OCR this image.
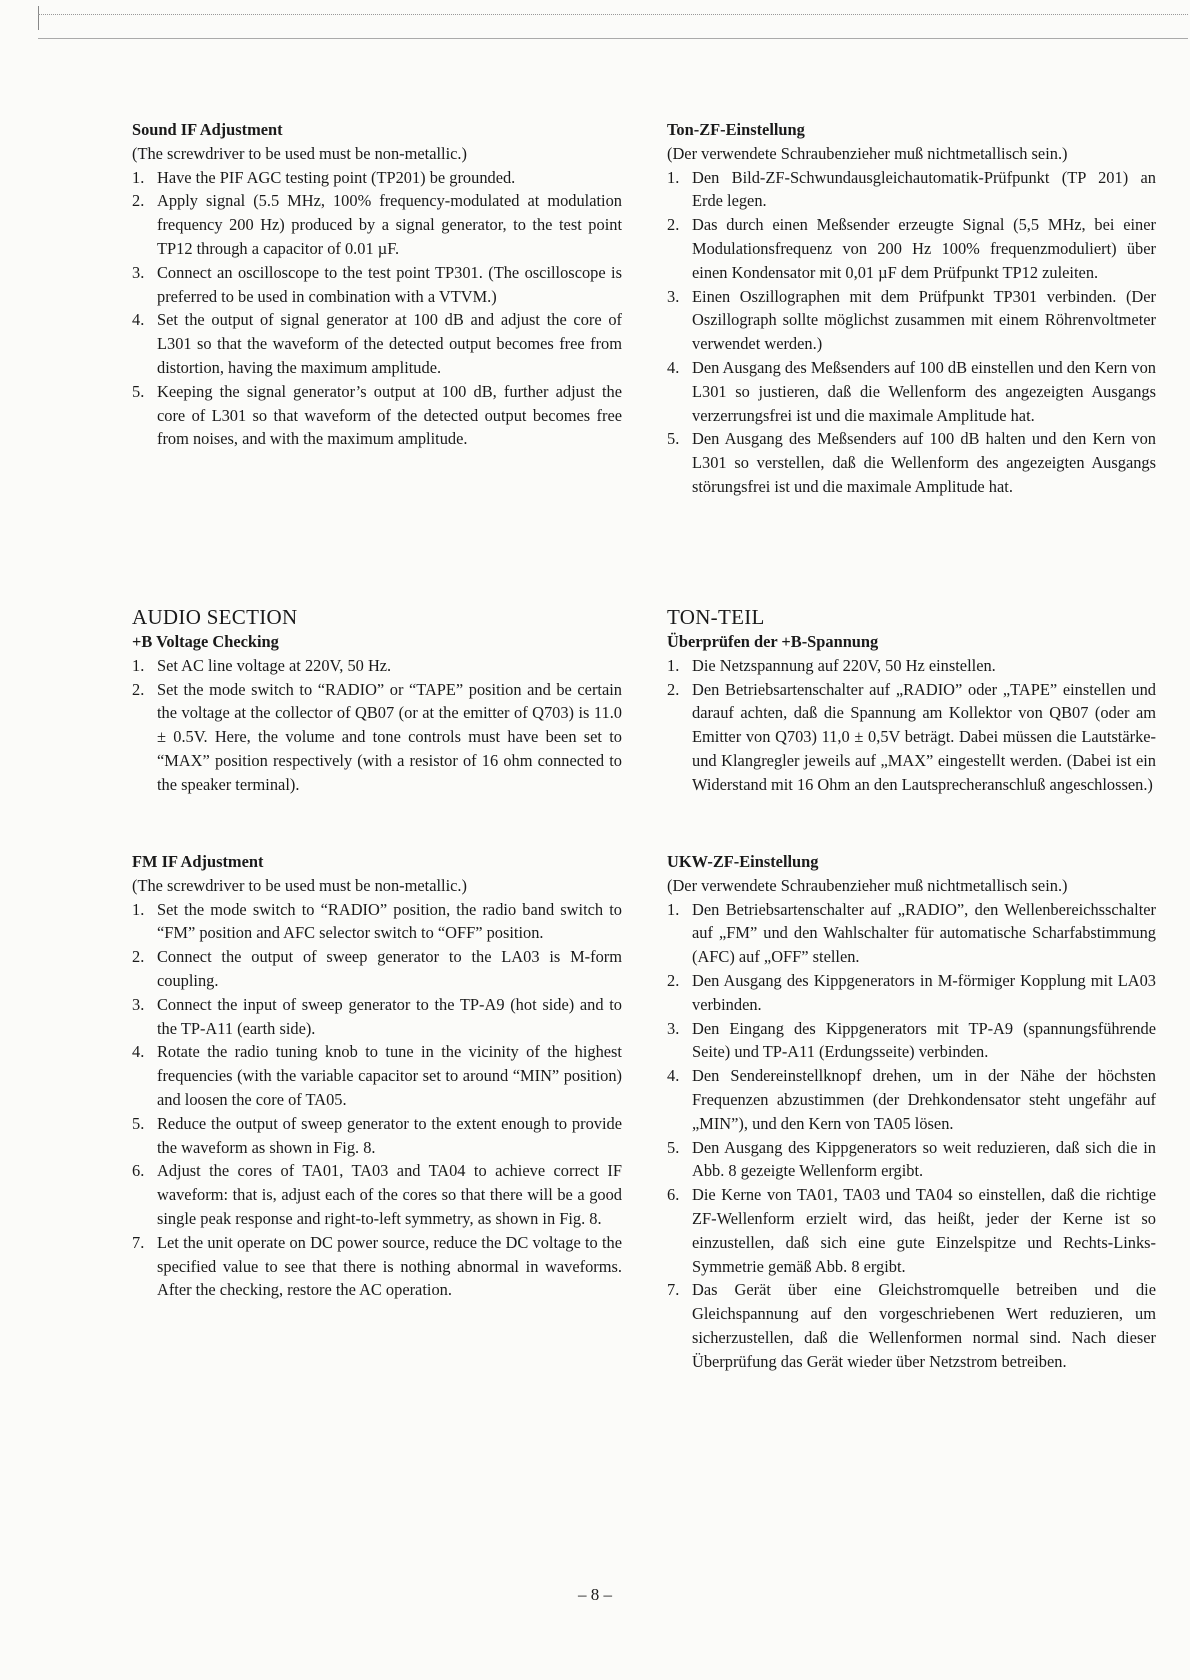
Sound IF Adjustment

(The screwdriver to be used must be non-metallic.)

1. Have the PIF AGC testing point (TP201) be grounded.
2. Apply signal (5.5 MHz, 100% frequency-modulated at modulation frequency 200 Hz) produced by a signal generator, to the test point TP12 through a capacitor of 0.01 µF.
3. Connect an oscilloscope to the test point TP301. (The oscilloscope is preferred to be used in combination with a VTVM.)
4. Set the output of signal generator at 100 dB and adjust the core of L301 so that the waveform of the detected output becomes free from distortion, having the maximum amplitude.
5. Keeping the signal generator’s output at 100 dB, further adjust the core of L301 so that waveform of the detected output becomes free from noises, and with the maximum amplitude.
AUDIO SECTION
+B Voltage Checking
1. Set AC line voltage at 220V, 50 Hz.
2. Set the mode switch to “RADIO” or “TAPE” position and be certain the voltage at the collector of QB07 (or at the emitter of Q703) is 11.0 ± 0.5V. Here, the volume and tone controls must have been set to “MAX” position respectively (with a resistor of 16 ohm connected to the speaker terminal).
FM IF Adjustment

(The screwdriver to be used must be non-metallic.)

1. Set the mode switch to “RADIO” position, the radio band switch to “FM” position and AFC selector switch to “OFF” position.
2. Connect the output of sweep generator to the LA03 is M-form coupling.
3. Connect the input of sweep generator to the TP-A9 (hot side) and to the TP-A11 (earth side).
4. Rotate the radio tuning knob to tune in the vicinity of the highest frequencies (with the variable capacitor set to around “MIN” position) and loosen the core of TA05.
5. Reduce the output of sweep generator to the extent enough to provide the waveform as shown in Fig. 8.
6. Adjust the cores of TA01, TA03 and TA04 to achieve correct IF waveform: that is, adjust each of the cores so that there will be a good single peak response and right-to-left symmetry, as shown in Fig. 8.
7. Let the unit operate on DC power source, reduce the DC voltage to the specified value to see that there is nothing abnormal in waveforms. After the checking, restore the AC operation.
Ton-ZF-Einstellung

(Der verwendete Schraubenzieher muß nichtmetallisch sein.)

1. Den Bild-ZF-Schwundausgleichautomatik-Prüfpunkt (TP 201) an Erde legen.
2. Das durch einen Meßsender erzeugte Signal (5,5 MHz, bei einer Modulationsfrequenz von 200 Hz 100% frequenzmoduliert) über einen Kondensator mit 0,01 µF dem Prüfpunkt TP12 zuleiten.
3. Einen Oszillographen mit dem Prüfpunkt TP301 verbinden. (Der Oszillograph sollte möglichst zusammen mit einem Röhrenvoltmeter verwendet werden.)
4. Den Ausgang des Meßsenders auf 100 dB einstellen und den Kern von L301 so justieren, daß die Wellenform des angezeigten Ausgangs verzerrungsfrei ist und die maximale Amplitude hat.
5. Den Ausgang des Meßsenders auf 100 dB halten und den Kern von L301 so verstellen, daß die Wellenform des angezeigten Ausgangs störungsfrei ist und die maximale Amplitude hat.
TON-TEIL
Überprüfen der +B-Spannung
1. Die Netzspannung auf 220V, 50 Hz einstellen.
2. Den Betriebsartenschalter auf „RADIO” oder „TAPE” einstellen und darauf achten, daß die Spannung am Kollektor von QB07 (oder am Emitter von Q703) 11,0 ± 0,5V beträgt. Dabei müssen die Lautstärke- und Klangregler jeweils auf „MAX” eingestellt werden. (Dabei ist ein Widerstand mit 16 Ohm an den Lautsprecheranschluß angeschlossen.)
UKW-ZF-Einstellung

(Der verwendete Schraubenzieher muß nichtmetallisch sein.)

1. Den Betriebsartenschalter auf „RADIO”, den Wellenbereichsschalter auf „FM” und den Wahlschalter für automatische Scharfabstimmung (AFC) auf „OFF” stellen.
2. Den Ausgang des Kippgenerators in M-förmiger Kopplung mit LA03 verbinden.
3. Den Eingang des Kippgenerators mit TP-A9 (spannungsführende Seite) und TP-A11 (Erdungsseite) verbinden.
4. Den Sendereinstellknopf drehen, um in der Nähe der höchsten Frequenzen abzustimmen (der Drehkondensator steht ungefähr auf „MIN”), und den Kern von TA05 lösen.
5. Den Ausgang des Kippgenerators so weit reduzieren, daß sich die in Abb. 8 gezeigte Wellenform ergibt.
6. Die Kerne von TA01, TA03 und TA04 so einstellen, daß die richtige ZF-Wellenform erzielt wird, das heißt, jeder der Kerne ist so einzustellen, daß sich eine gute Einzelspitze und Rechts-Links-Symmetrie gemäß Abb. 8 ergibt.
7. Das Gerät über eine Gleichstromquelle betreiben und die Gleichspannung auf den vorgeschriebenen Wert reduzieren, um sicherzustellen, daß die Wellenformen normal sind. Nach dieser Überprüfung das Gerät wieder über Netzstrom betreiben.
– 8 –
